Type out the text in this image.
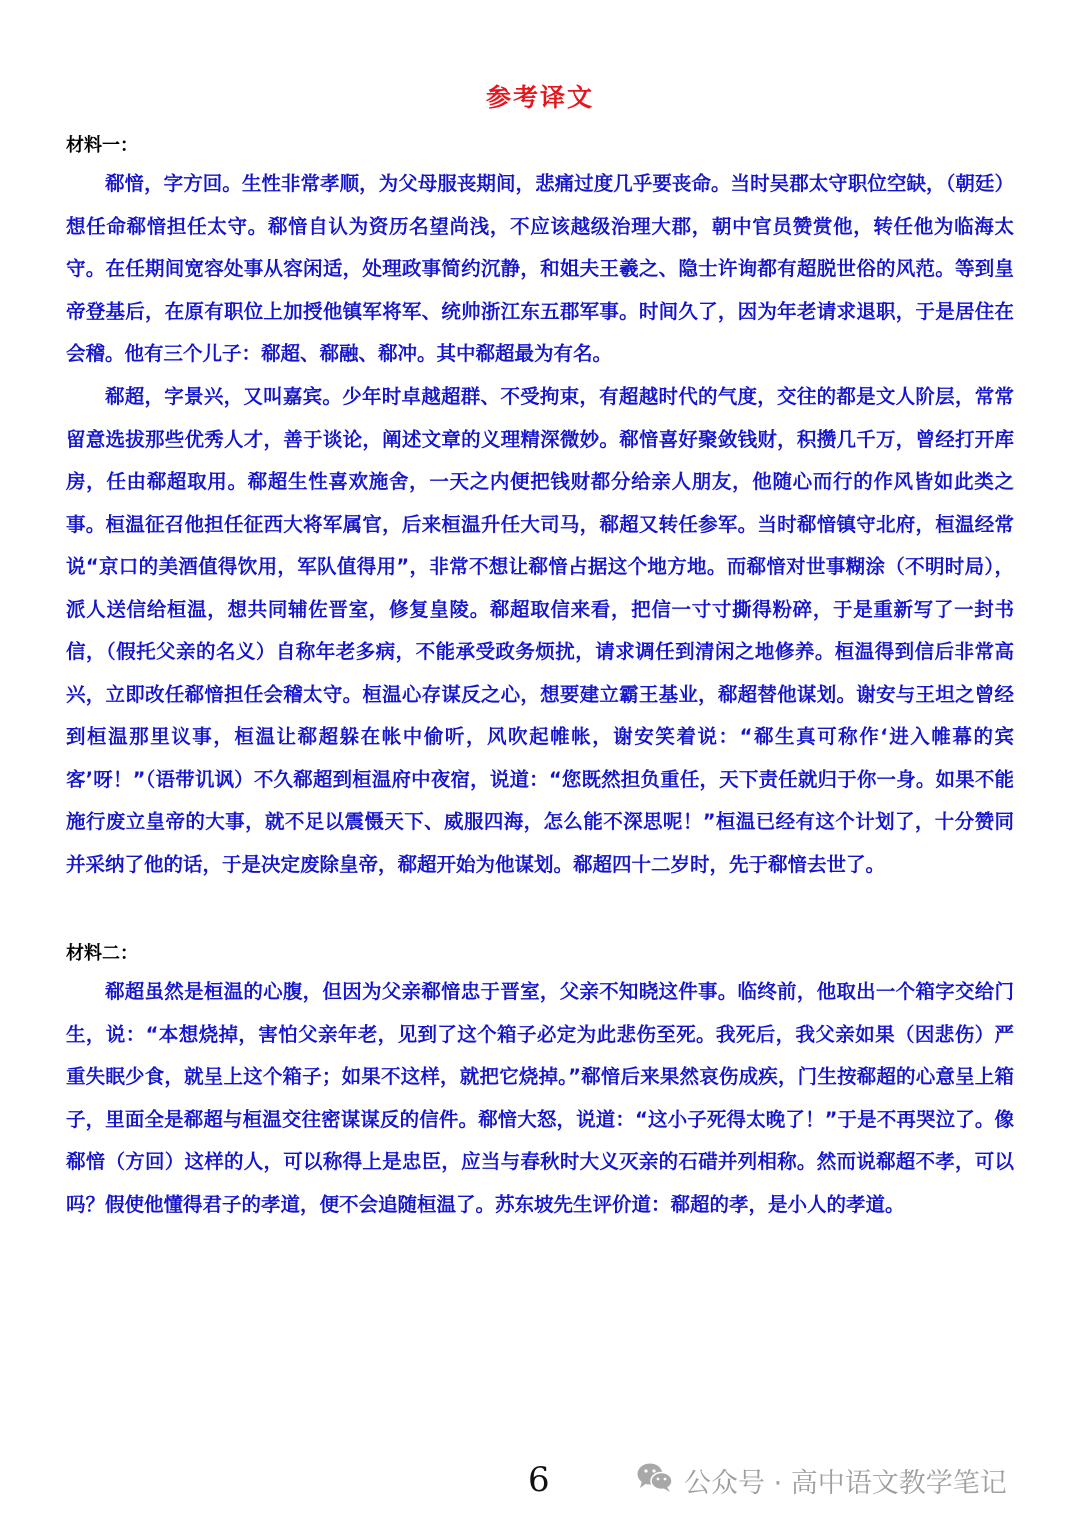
参考译文
材料一：

郗愔，字方回。生性非常孝顺，为父母服丧期间，悲痛过度几乎要丧命。当时吴郡太守职位空缺，（朝廷）想任命郗愔担任太守。郗愔自认为资历名望尚浅，不应该越级治理大郡，朝中官员赞赏他，转任他为临海太守。在任期间宽容处事从容闲适，处理政事简约沉静，和姐夫王羲之、隐士许询都有超脱世俗的风范。等到皇帝登基后，在原有职位上加授他镇军将军、统帅浙江东五郡军事。时间久了，因为年老请求退职，于是居住在会稽。他有三个儿子：郗超、郗融、郗冲。其中郗超最为有名。

郗超，字景兴，又叫嘉宾。少年时卓越超群、不受拘束，有超越时代的气度，交往的都是文人阶层，常常留意选拔那些优秀人才，善于谈论，阐述文章的义理精深微妙。郗愔喜好聚敛钱财，积攒几千万，曾经打开库房，任由郗超取用。郗超生性喜欢施舍，一天之内便把钱财都分给亲人朋友，他随心而行的作风皆如此类之事。桓温征召他担任征西大将军属官，后来桓温升任大司马，郗超又转任参军。当时郗愔镇守北府，桓温经常说“京口的美酒值得饮用，军队值得用”，非常不想让郗愔占据这个地方地。而郗愔对世事糊涂（不明时局），派人送信给桓温，想共同辅佐晋室，修复皇陵。郗超取信来看，把信一寸寸撕得粉碎，于是重新写了一封书信，（假托父亲的名义）自称年老多病，不能承受政务烦扰，请求调任到清闲之地修养。桓温得到信后非常高兴，立即改任郗愔担任会稽太守。桓温心存谋反之心，想要建立霸王基业，郗超替他谋划。谢安与王坦之曾经到桓温那里议事，桓温让郗超躲在帐中偷听，风吹起帷帐，谢安笑着说：“郗生真可称作‘进入帷幕的宾客’呀！”（语带讥讽）不久郗超到桓温府中夜宿，说道：“您既然担负重任，天下责任就归于你一身。如果不能施行废立皇帝的大事，就不足以震慑天下、威服四海，怎么能不深思呢！”桓温已经有这个计划了，十分赞同并采纳了他的话，于是决定废除皇帝，郗超开始为他谋划。郗超四十二岁时，先于郗愔去世了。

材料二：

郗超虽然是桓温的心腹，但因为父亲郗愔忠于晋室，父亲不知晓这件事。临终前，他取出一个箱字交给门生，说：“本想烧掉，害怕父亲年老，见到了这个箱子必定为此悲伤至死。我死后，我父亲如果（因悲伤）严重失眠少食，就呈上这个箱子；如果不这样，就把它烧掉。”郗愔后来果然哀伤成疾，门生按郗超的心意呈上箱子，里面全是郗超与桓温交往密谋谋反的信件。郗愔大怒，说道：“这小子死得太晚了！”于是不再哭泣了。像郗愔（方回）这样的人，可以称得上是忠臣，应当与春秋时大义灭亲的石碏并列相称。然而说郗超不孝，可以吗？假使他懂得君子的孝道，便不会追随桓温了。苏东坡先生评价道：郗超的孝，是小人的孝道。

6	公众号 · 高中语文教学笔记
